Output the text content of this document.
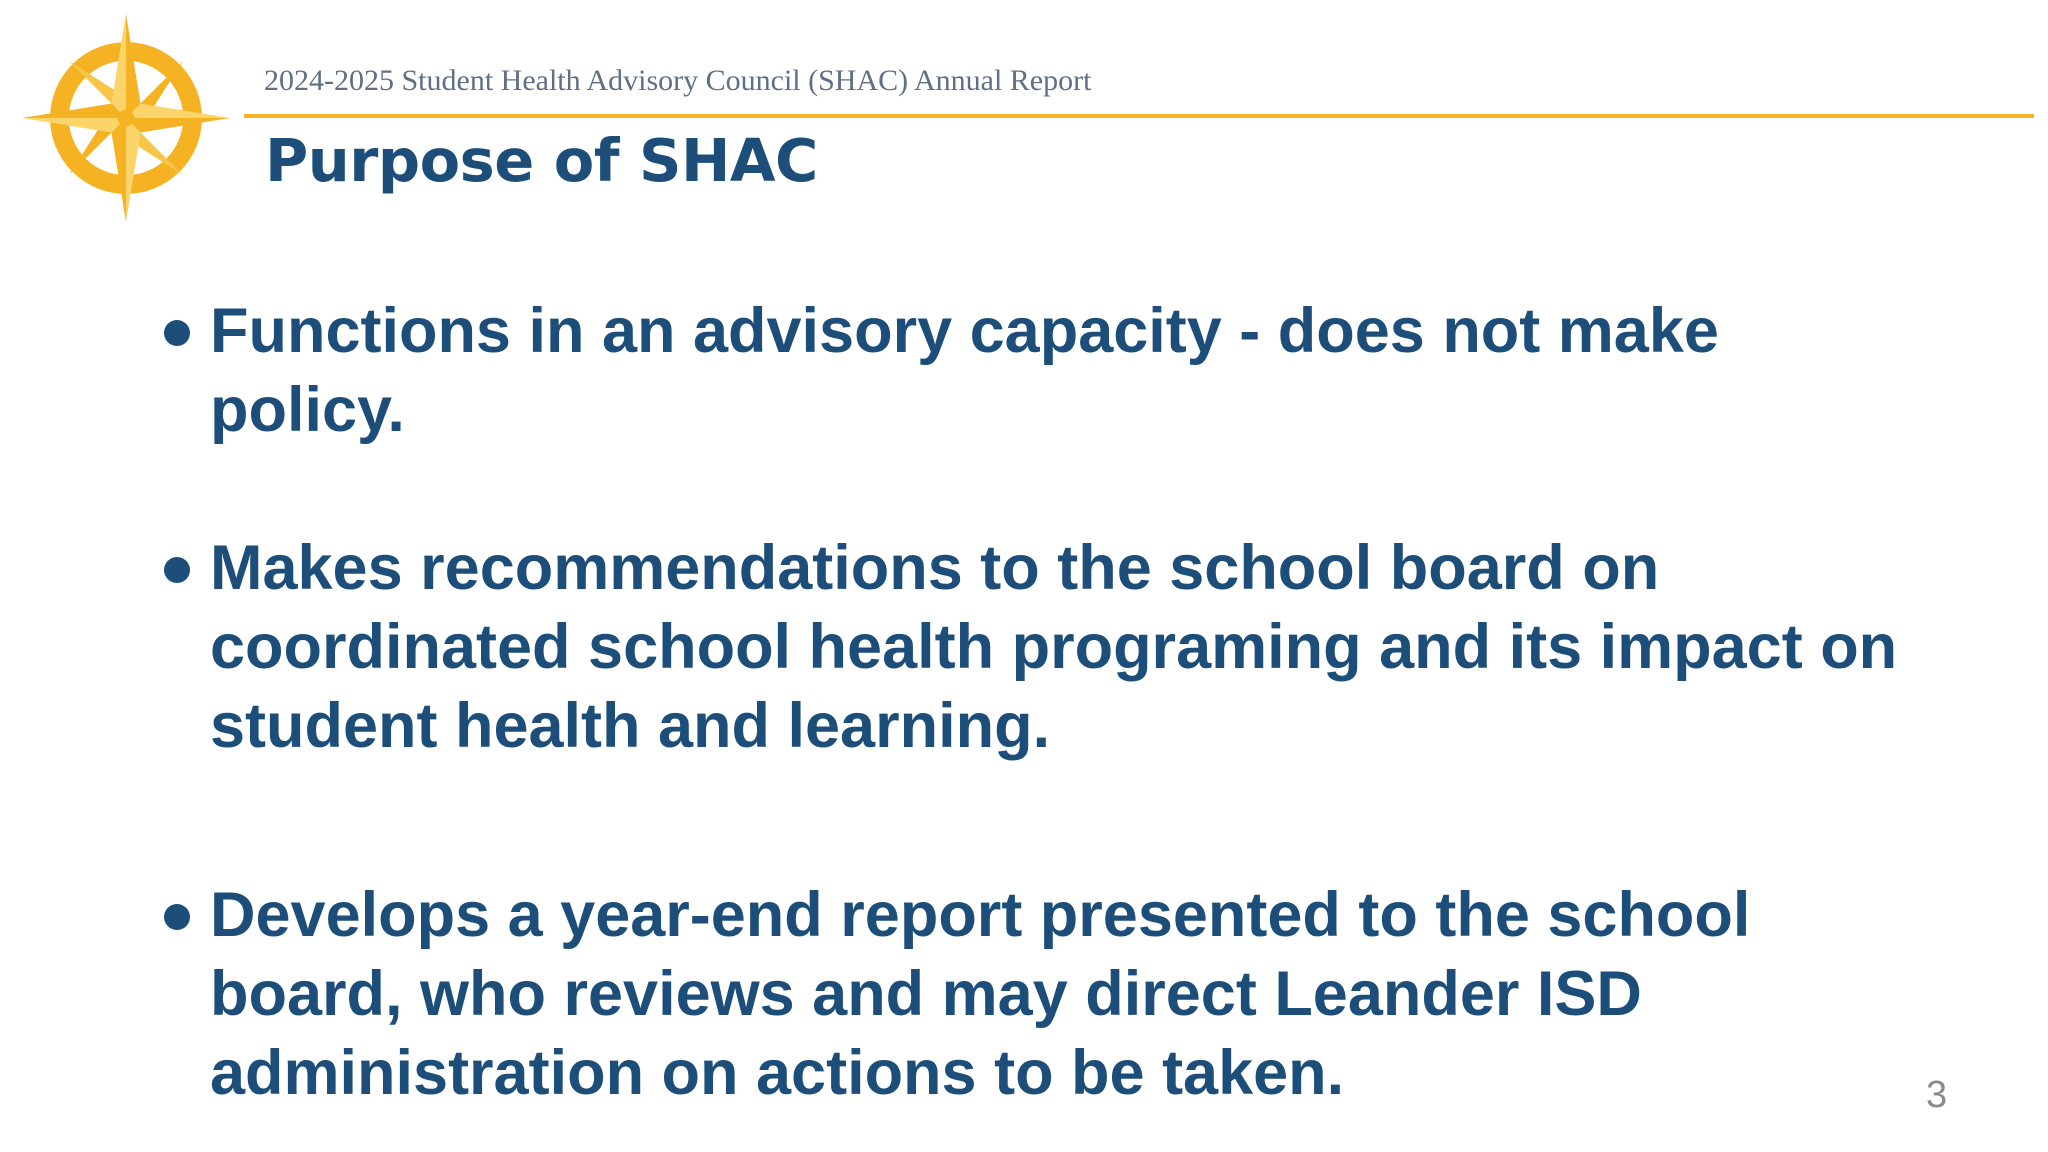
2024-2025 Student Health Advisory Council (SHAC) Annual Report
Purpose of SHAC
Functions in an advisory capacity - does not make policy.
Makes recommendations to the school board on coordinated school health programing and its impact on student health and learning.
Develops a year-end report presented to the school board, who reviews and may direct Leander ISD administration on actions to be taken.	3
